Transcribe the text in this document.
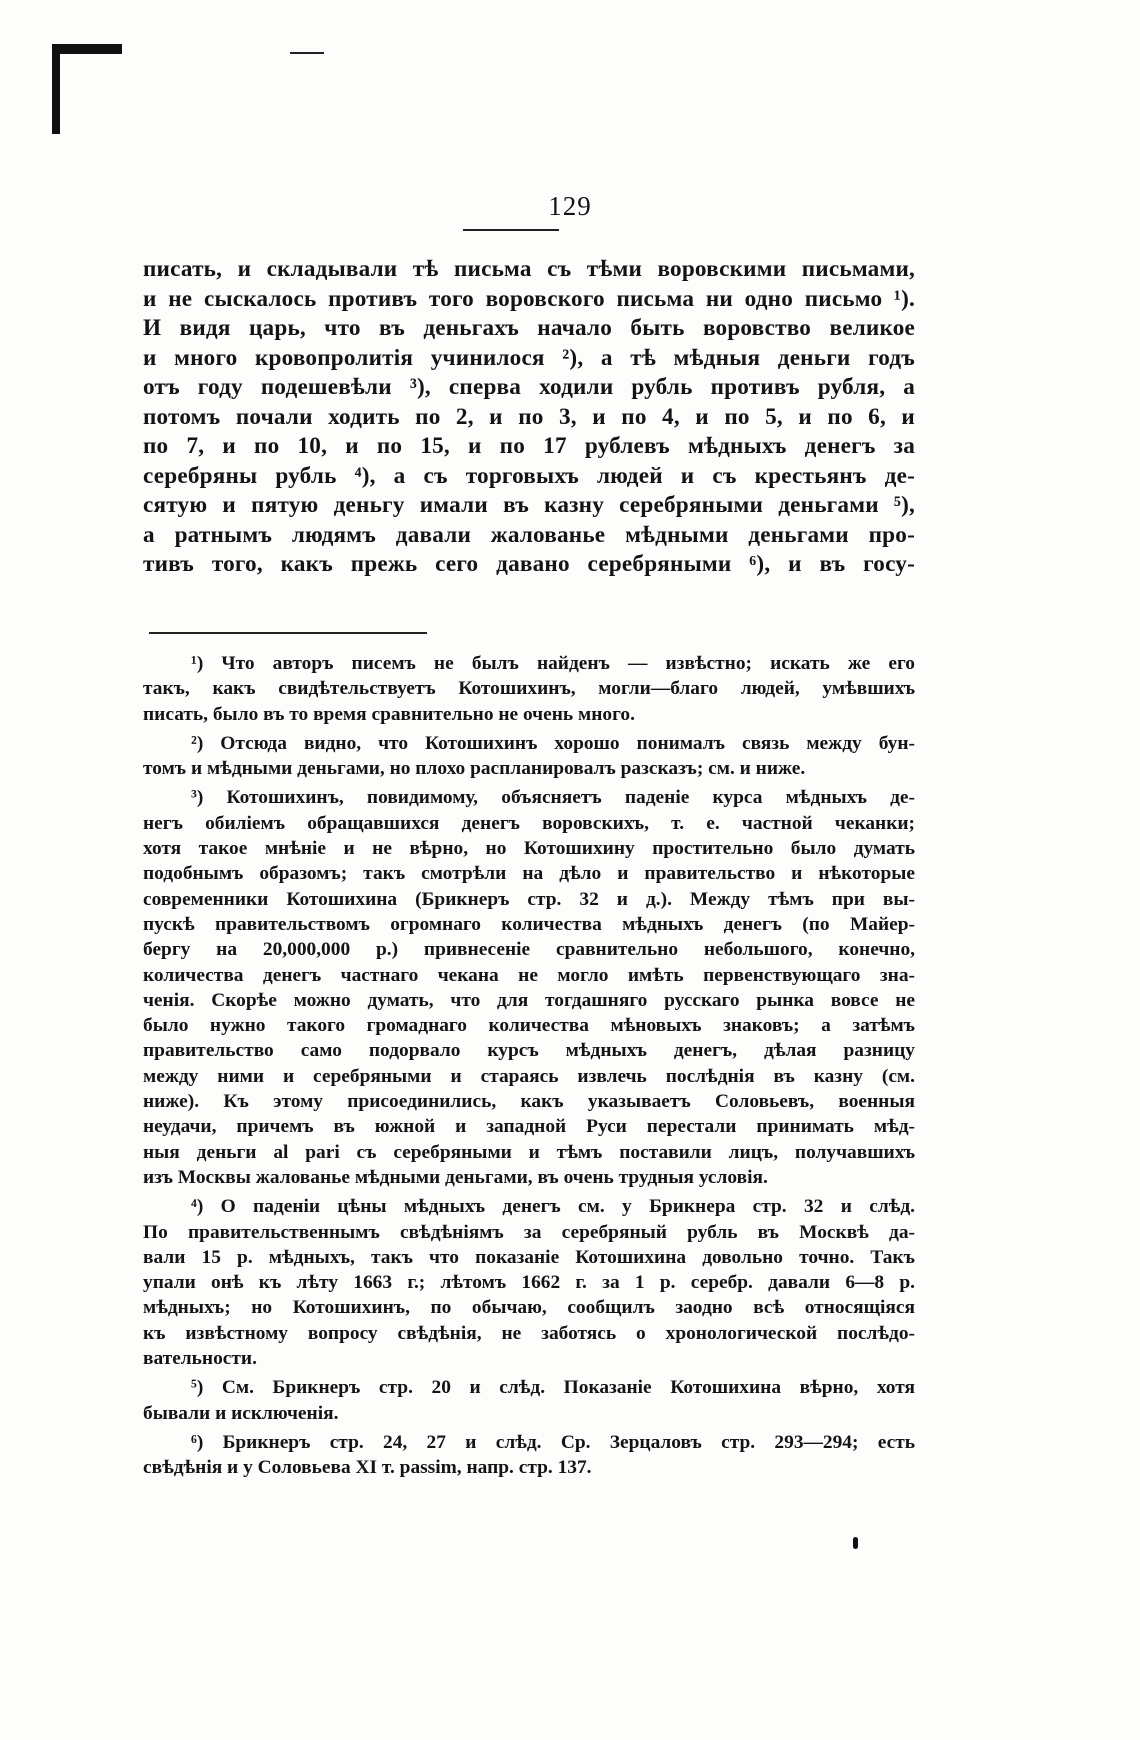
129
писать, и складывали тѣ письма съ тѣми воровскими письмами,
и не сыскалось противъ того воровского письма ни одно письмо ¹).
И видя царь, что въ деньгахъ начало быть воровство великое
и много кровопролитія учинилося ²), а тѣ мѣдныя деньги годъ
отъ году подешевѣли ³), сперва ходили рубль противъ рубля, а
потомъ почали ходить по 2, и по 3, и по 4, и по 5, и по 6, и
по 7, и по 10, и по 15, и по 17 рублевъ мѣдныхъ денегъ за
серебряны рубль ⁴), а съ торговыхъ людей и съ крестьянъ де-
сятую и пятую деньгу имали въ казну серебряными деньгами ⁵),
а ратнымъ людямъ давали жалованье мѣдными деньгами про-
тивъ того, какъ прежь сего давано серебряными ⁶), и въ госу-
¹) Что авторъ писемъ не былъ найденъ — извѣстно; искать же его
такъ, какъ свидѣтельствуетъ Котошихинъ, могли—благо людей, умѣвшихъ
писать, было въ то время сравнительно не очень много.
²) Отсюда видно, что Котошихинъ хорошо понималъ связь между бун-
томъ и мѣдными деньгами, но плохо распланировалъ разсказъ; см. и ниже.
³) Котошихинъ, повидимому, объясняетъ паденіе курса мѣдныхъ де-
негъ обиліемъ обращавшихся денегъ воровскихъ, т. е. частной чеканки;
хотя такое мнѣніе и не вѣрно, но Котошихину простительно было думать
подобнымъ образомъ; такъ смотрѣли на дѣло и правительство и нѣкоторые
современники Котошихина (Брикнеръ стр. 32 и д.). Между тѣмъ при вы-
пускѣ правительствомъ огромнаго количества мѣдныхъ денегъ (по Майер-
бергу на 20,000,000 р.) привнесеніе сравнительно небольшого, конечно,
количества денегъ частнаго чекана не могло имѣть первенствующаго зна-
ченія. Скорѣе можно думать, что для тогдашняго русскаго рынка вовсе не
было нужно такого громаднаго количества мѣновыхъ знаковъ; а затѣмъ
правительство само подорвало курсъ мѣдныхъ денегъ, дѣлая разницу
между ними и серебряными и стараясь извлечь послѣднія въ казну (см.
ниже). Къ этому присоединились, какъ указываетъ Соловьевъ, военныя
неудачи, причемъ въ южной и западной Руси перестали принимать мѣд-
ныя деньги al pari съ серебряными и тѣмъ поставили лицъ, получавшихъ
изъ Москвы жалованье мѣдными деньгами, въ очень трудныя условія.
⁴) О паденіи цѣны мѣдныхъ денегъ см. у Брикнера стр. 32 и слѣд.
По правительственнымъ свѣдѣніямъ за серебряный рубль въ Москвѣ да-
вали 15 р. мѣдныхъ, такъ что показаніе Котошихина довольно точно. Такъ
упали онѣ къ лѣту 1663 г.; лѣтомъ 1662 г. за 1 р. серебр. давали 6—8 р.
мѣдныхъ; но Котошихинъ, по обычаю, сообщилъ заодно всѣ относящіяся
къ извѣстному вопросу свѣдѣнія, не заботясь о хронологической послѣдо-
вательности.
⁵) См. Брикнеръ стр. 20 и слѣд. Показаніе Котошихина вѣрно, хотя
бывали и исключенія.
⁶) Брикнеръ стр. 24, 27 и слѣд. Ср. Зерцаловъ стр. 293—294; есть
свѣдѣнія и у Соловьева XI т. passim, напр. стр. 137.
